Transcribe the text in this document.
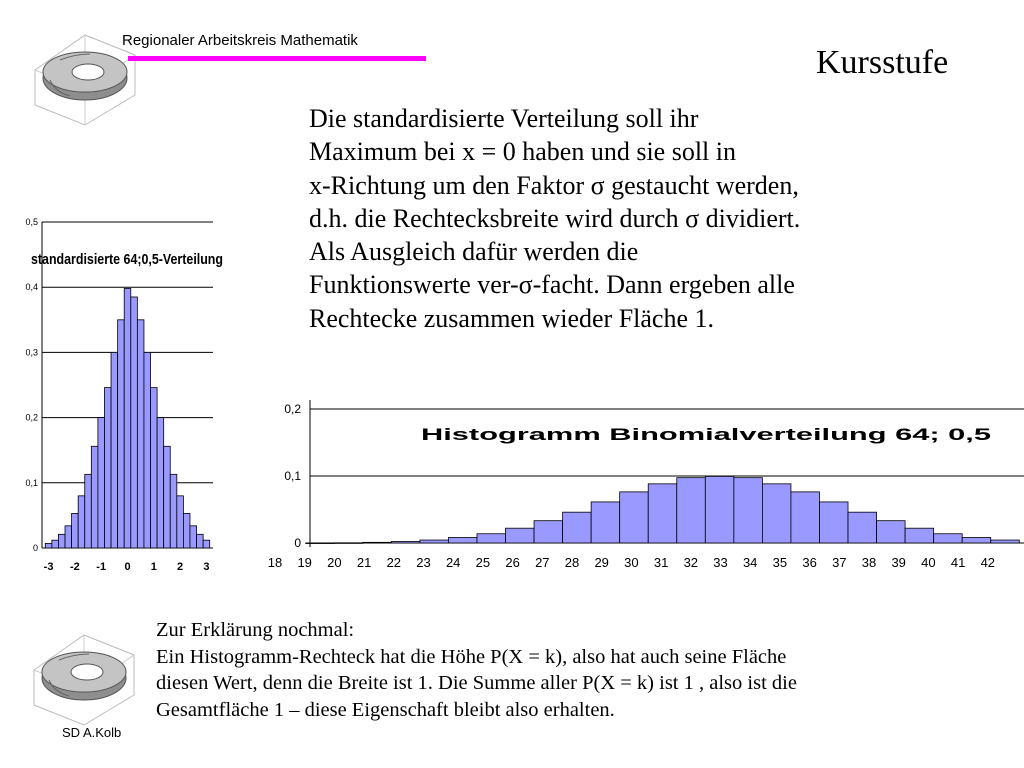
Regionaler Arbeitskreis Mathematik
Kursstufe
Die standardisierte Verteilung soll ihr
Maximum bei x = 0 haben und sie soll in
x-Richtung um den Faktor σ gestaucht werden,
d.h. die Rechtecksbreite wird durch σ dividiert.
Als Ausgleich dafür werden die
Funktionswerte ver-σ-facht. Dann ergeben alle
Rechtecke zusammen wieder Fläche 1.
0
0,1
0,2
0,3
0,4
0,5
-3 -2 -1 0 1 2 3
standardisierte 64;0,5-Verteilung
0
0,1
0,2
18 19 20 21 22 23 24 25 26 27 28 29 30 31 32 33 34 35 36 37 38 39 40 41 42
Histogramm Binomialverteilung 64; 0,5
Zur Erklärung nochmal:
Ein Histogramm-Rechteck hat die Höhe P(X = k), also hat auch seine Fläche
diesen Wert, denn die Breite ist 1. Die Summe aller P(X = k) ist 1 , also ist die
Gesamtfläche 1 – diese Eigenschaft bleibt also erhalten.
SD A.Kolb
